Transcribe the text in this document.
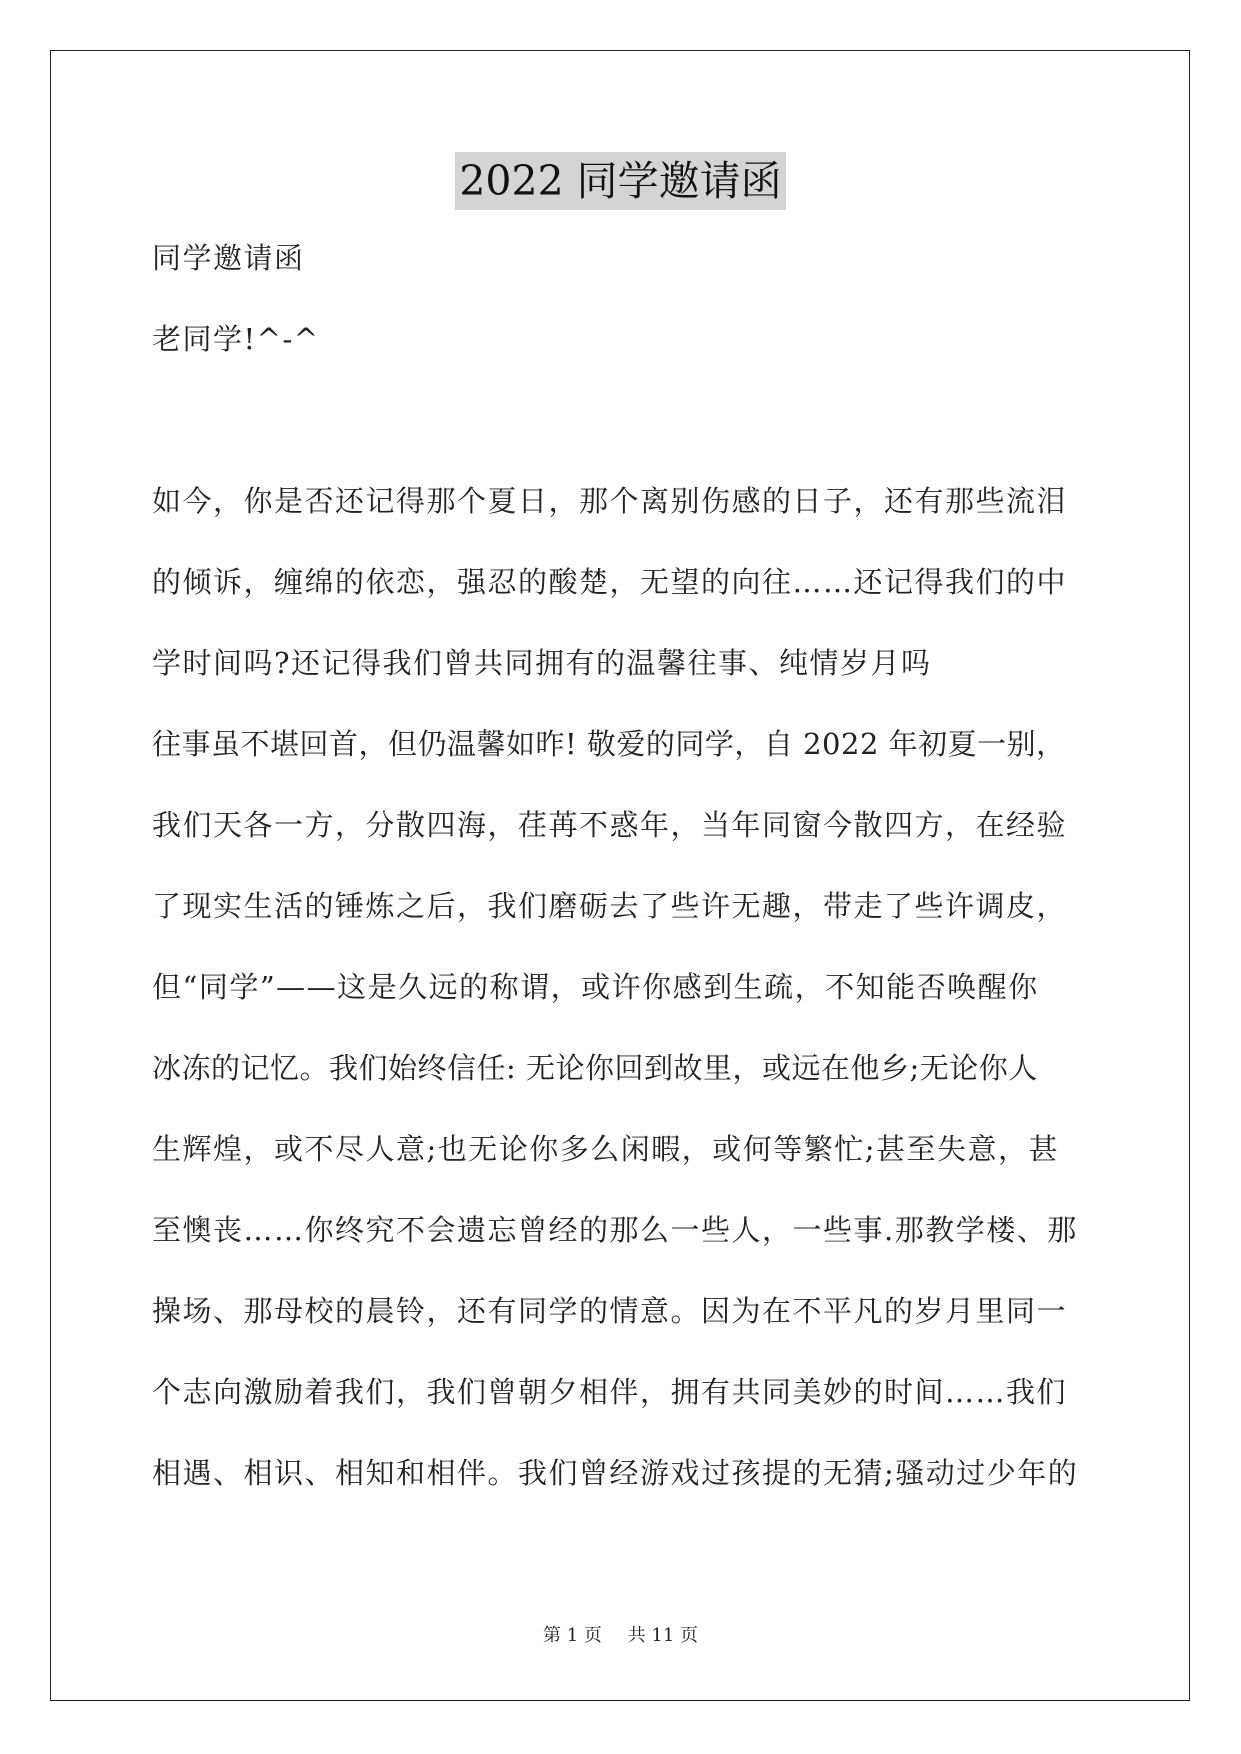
2022 同学邀请函
同学邀请函
老同学!^-^
如今，你是否还记得那个夏日，那个离别伤感的日子，还有那些流泪
的倾诉，缠绵的依恋，强忍的酸楚，无望的向往……还记得我们的中
学时间吗?还记得我们曾共同拥有的温馨往事、纯情岁月吗
往事虽不堪回首，但仍温馨如昨! 敬爱的同学，自 2022 年初夏一别，
我们天各一方，分散四海，荏苒不惑年，当年同窗今散四方，在经验
了现实生活的锤炼之后，我们磨砺去了些许无趣，带走了些许调皮，
但“同学”——这是久远的称谓，或许你感到生疏，不知能否唤醒你
冰冻的记忆。我们始终信任: 无论你回到故里，或远在他乡;无论你人
生辉煌，或不尽人意;也无论你多么闲暇，或何等繁忙;甚至失意，甚
至懊丧……你终究不会遗忘曾经的那么一些人，一些事.那教学楼、那
操场、那母校的晨铃，还有同学的情意。因为在不平凡的岁月里同一
个志向激励着我们，我们曾朝夕相伴，拥有共同美妙的时间……我们
相遇、相识、相知和相伴。我们曾经游戏过孩提的无猜;骚动过少年的
第 1 页 共 11 页
